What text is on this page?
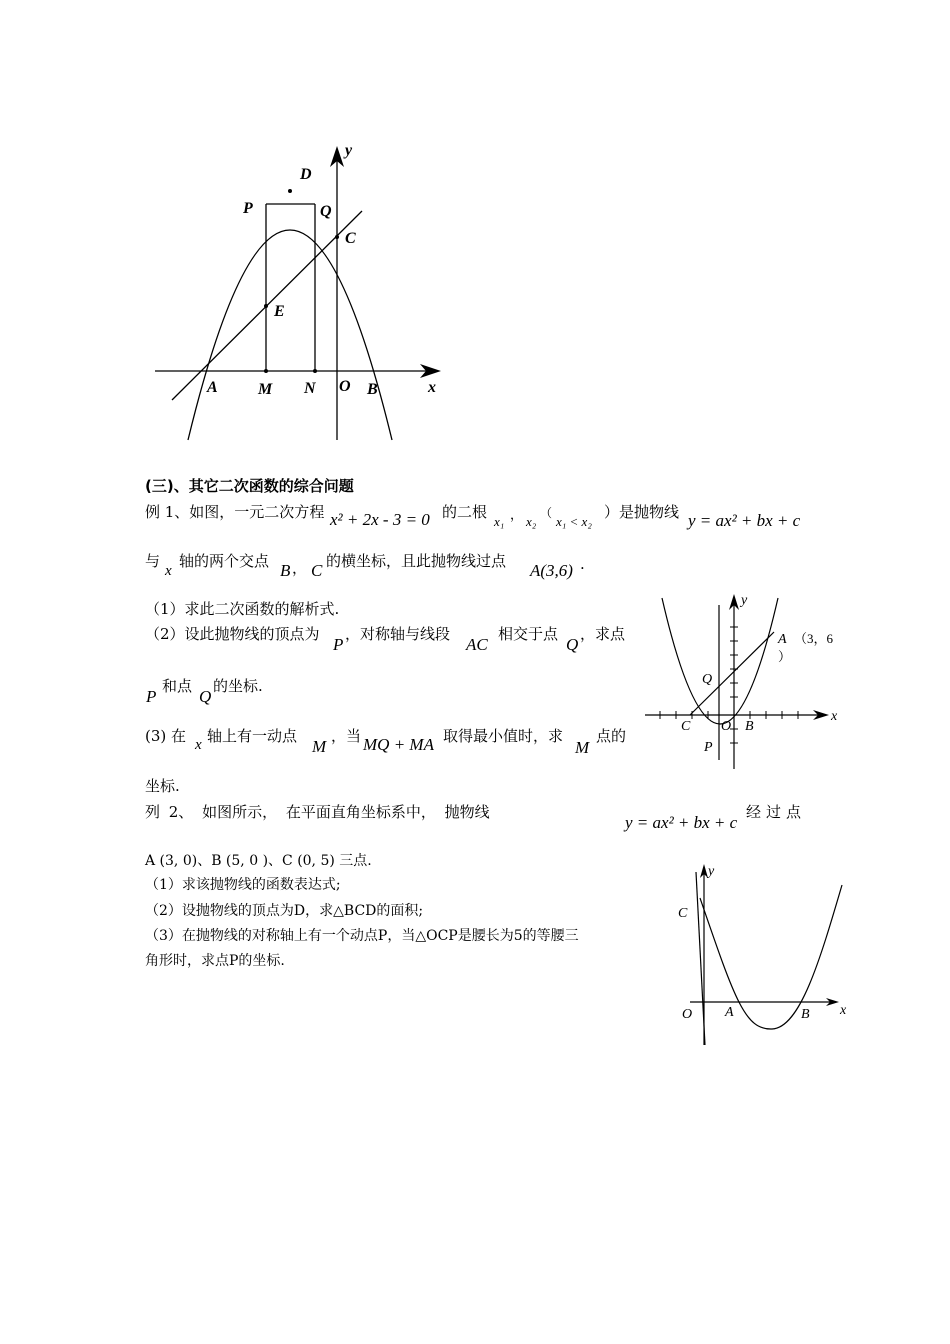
y
D
P	Q
C
E
A	M N O B	x
(三)、其它二次函数的综合问题
例 1、如图，一元二次方程 x² + 2x - 3 = 0 的二根
x₁ ， x₂
（
x₁ < x₂
）是抛物线 y = ax² + bx + c
与
x
轴的两个交点 B ， C 的横坐标，且此抛物线过点 A(3,6) .
（1）求此二次函数的解析式.
（2）设此抛物线的顶点为
P
，对称轴与线段
AC
相交于点
Q
，求点
P
和点
Q
的坐标.
(3) 在 x 轴上有一动点
M
，当 MQ + MA 取得最小值时，求
M
点的
坐标.
y
A （3，6
）
Q
C O B
P
x
列 2、 如图所示， 在平面直角坐标系中， 抛物线
y = ax² + bx + c
经过点
A (3, 0)、B (5, 0 )、C (0, 5) 三点.
（1）求该抛物线的函数表达式;
（2）设抛物线的顶点为D，求△BCD的面积;
（3）在抛物线的对称轴上有一个动点P，当△OCP是腰长为5的等腰三
角形时，求点P的坐标.
y
C
O A	B x
